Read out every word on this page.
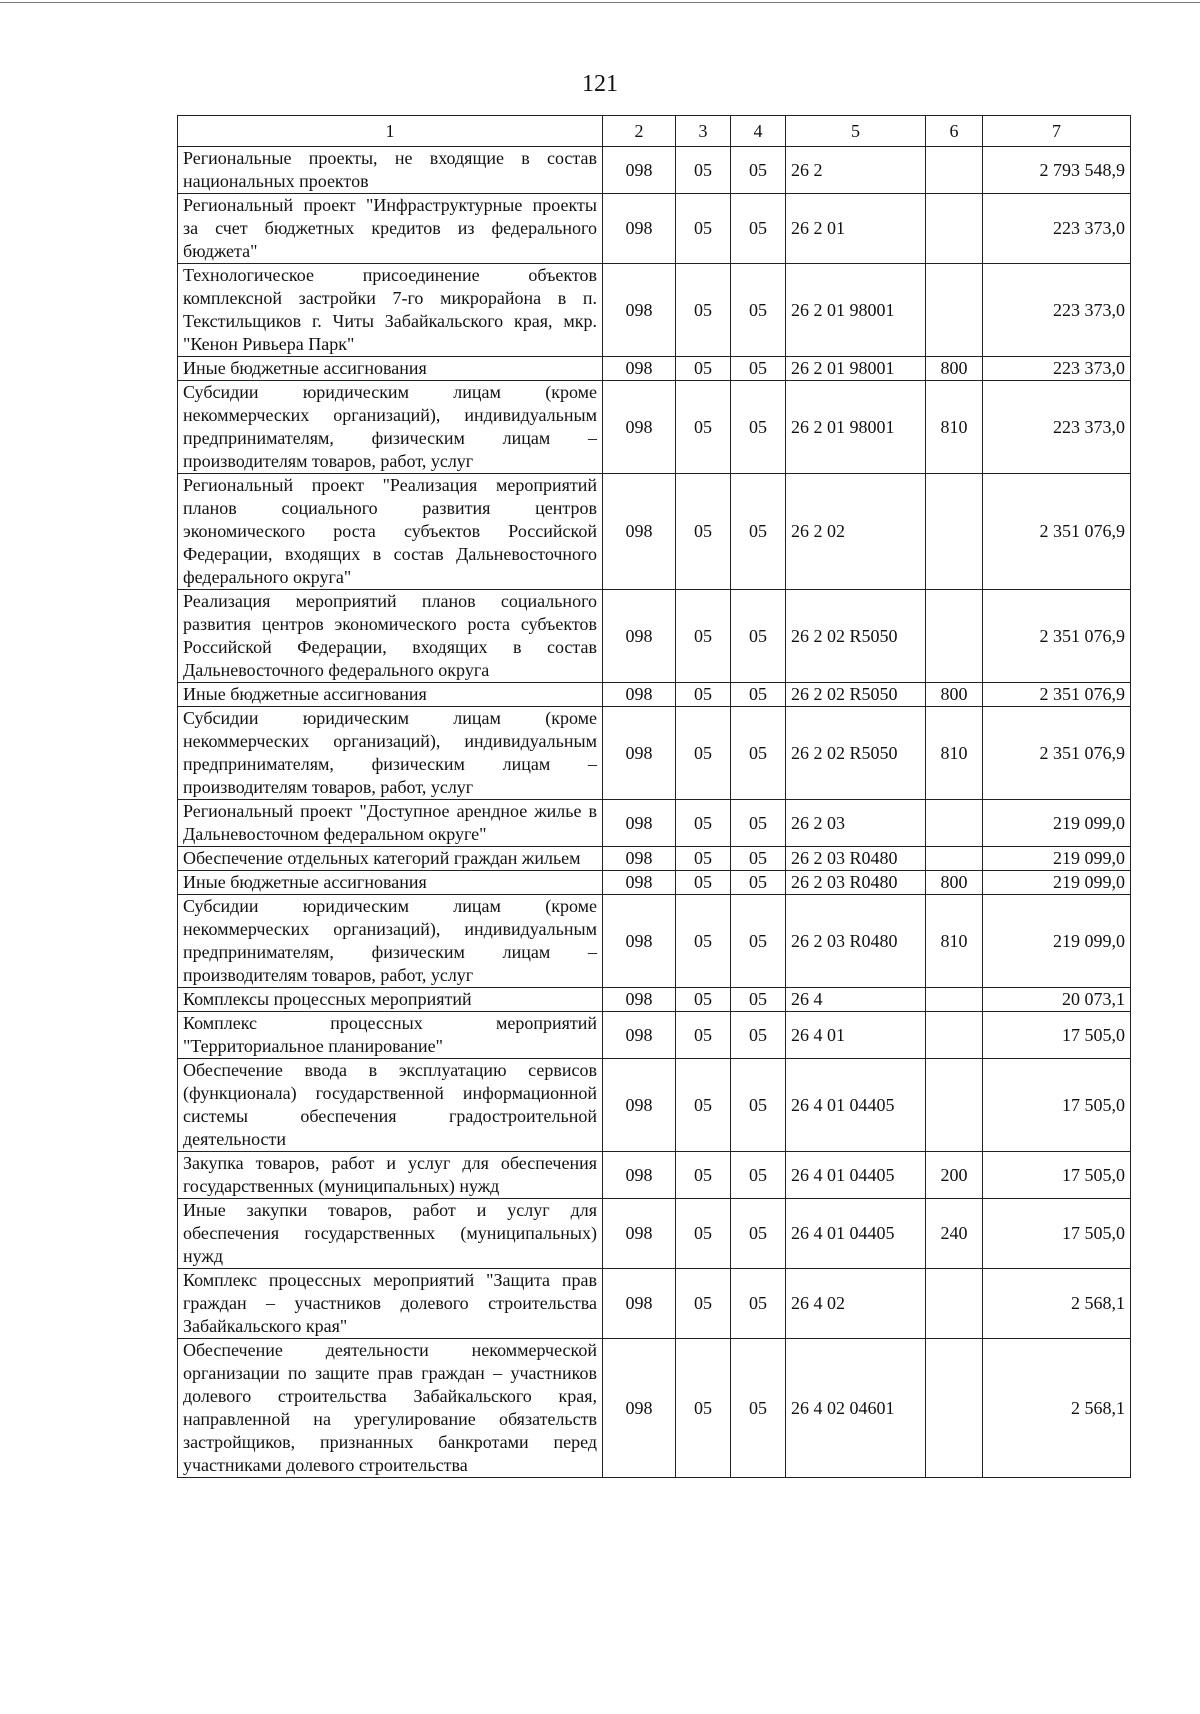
121
1	2	3	4	5	6	7
Региональные проекты, не входящие в состав национальных проектов	098	05	05	26 2		2 793 548,9
Региональный проект "Инфраструктурные проекты за счет бюджетных кредитов из федерального бюджета"	098	05	05	26 2 01		223 373,0
Технологическое присоединение объектов комплексной застройки 7-го микрорайона в п. Текстильщиков г. Читы Забайкальского края, мкр. "Кенон Ривьера Парк"	098	05	05	26 2 01 98001		223 373,0
Иные бюджетные ассигнования	098	05	05	26 2 01 98001	800	223 373,0
Субсидии юридическим лицам (кроме некоммерческих организаций), индивидуальным предпринимателям, физическим лицам – производителям товаров, работ, услуг	098	05	05	26 2 01 98001	810	223 373,0
Региональный проект "Реализация мероприятий планов социального развития центров экономического роста субъектов Российской Федерации, входящих в состав Дальневосточного федерального округа"	098	05	05	26 2 02		2 351 076,9
Реализация мероприятий планов социального развития центров экономического роста субъектов Российской Федерации, входящих в состав Дальневосточного федерального округа	098	05	05	26 2 02 R5050		2 351 076,9
Иные бюджетные ассигнования	098	05	05	26 2 02 R5050	800	2 351 076,9
Субсидии юридическим лицам (кроме некоммерческих организаций), индивидуальным предпринимателям, физическим лицам – производителям товаров, работ, услуг	098	05	05	26 2 02 R5050	810	2 351 076,9
Региональный проект "Доступное арендное жилье в Дальневосточном федеральном округе"	098	05	05	26 2 03		219 099,0
Обеспечение отдельных категорий граждан жильем	098	05	05	26 2 03 R0480		219 099,0
Иные бюджетные ассигнования	098	05	05	26 2 03 R0480	800	219 099,0
Субсидии юридическим лицам (кроме некоммерческих организаций), индивидуальным предпринимателям, физическим лицам – производителям товаров, работ, услуг	098	05	05	26 2 03 R0480	810	219 099,0
Комплексы процессных мероприятий	098	05	05	26 4		20 073,1
Комплекс процессных мероприятий "Территориальное планирование"	098	05	05	26 4 01		17 505,0
Обеспечение ввода в эксплуатацию сервисов (функционала) государственной информационной системы обеспечения градостроительной деятельности	098	05	05	26 4 01 04405		17 505,0
Закупка товаров, работ и услуг для обеспечения государственных (муниципальных) нужд	098	05	05	26 4 01 04405	200	17 505,0
Иные закупки товаров, работ и услуг для обеспечения государственных (муниципальных) нужд	098	05	05	26 4 01 04405	240	17 505,0
Комплекс процессных мероприятий "Защита прав граждан – участников долевого строительства Забайкальского края"	098	05	05	26 4 02		2 568,1
Обеспечение деятельности некоммерческой организации по защите прав граждан – участников долевого строительства Забайкальского края, направленной на урегулирование обязательств застройщиков, признанных банкротами перед участниками долевого строительства	098	05	05	26 4 02 04601		2 568,1
